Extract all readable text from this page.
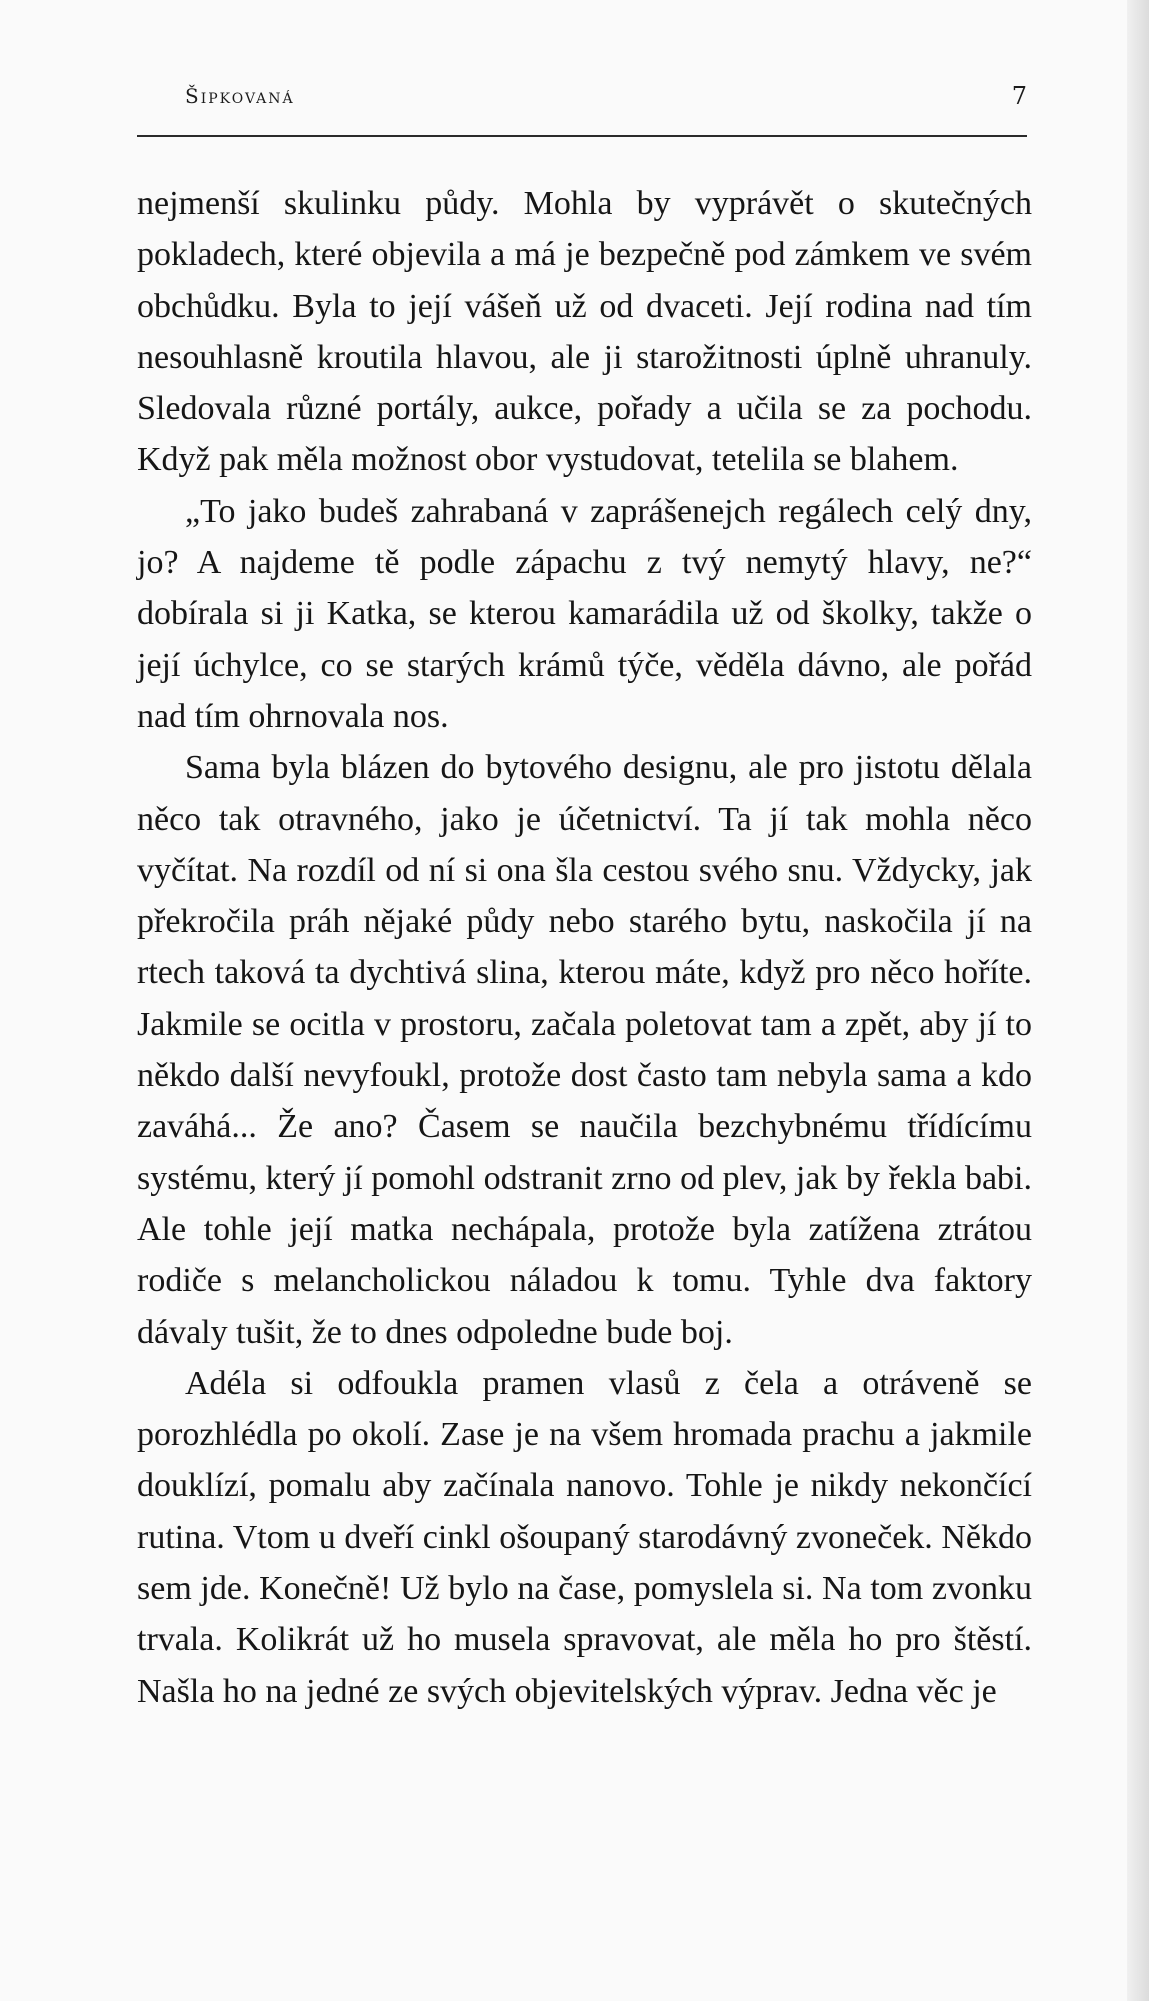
Šipkovaná	7

nejmenší skulinku půdy. Mohla by vyprávět o skutečných pokladech, které objevila a má je bezpečně pod zámkem ve svém obchůdku. Byla to její vášeň už od dvaceti. Její rodina nad tím nesouhlasně kroutila hlavou, ale ji starožitnosti úplně uhranuly. Sledovala různé portály, aukce, pořady a učila se za pochodu. Když pak měla možnost obor vystudovat, tetelila se blahem.

„To jako budeš zahrabaná v zaprášenejch regálech celý dny, jo? A najdeme tě podle zápachu z tvý nemytý hlavy, ne?“ dobírala si ji Katka, se kterou kamarádila už od školky, takže o její úchylce, co se starých krámů týče, věděla dávno, ale pořád nad tím ohrnovala nos.

Sama byla blázen do bytového designu, ale pro jistotu dělala něco tak otravného, jako je účetnictví. Ta jí tak mohla něco vyčítat. Na rozdíl od ní si ona šla cestou svého snu. Vždycky, jak překročila práh nějaké půdy nebo starého bytu, naskočila jí na rtech taková ta dychtivá slina, kterou máte, když pro něco hoříte. Jakmile se ocitla v prostoru, začala poletovat tam a zpět, aby jí to někdo další nevyfoukl, protože dost často tam nebyla sama a kdo zaváhá... Že ano? Časem se naučila bezchybnému třídícímu systému, který jí pomohl odstranit zrno od plev, jak by řekla babi. Ale tohle její matka nechápala, protože byla zatížena ztrátou rodiče s melancholickou náladou k tomu. Tyhle dva faktory dávaly tušit, že to dnes odpoledne bude boj.

Adéla si odfoukla pramen vlasů z čela a otráveně se porozhlédla po okolí. Zase je na všem hromada prachu a jakmile douklízí, pomalu aby začínala nanovo. Tohle je nikdy nekončící rutina. Vtom u dveří cinkl ošoupaný starodávný zvoneček. Někdo sem jde. Konečně! Už bylo na čase, pomyslela si. Na tom zvonku trvala. Kolikrát už ho musela spravovat, ale měla ho pro štěstí. Našla ho na jedné ze svých objevitelských výprav. Jedna věc je
